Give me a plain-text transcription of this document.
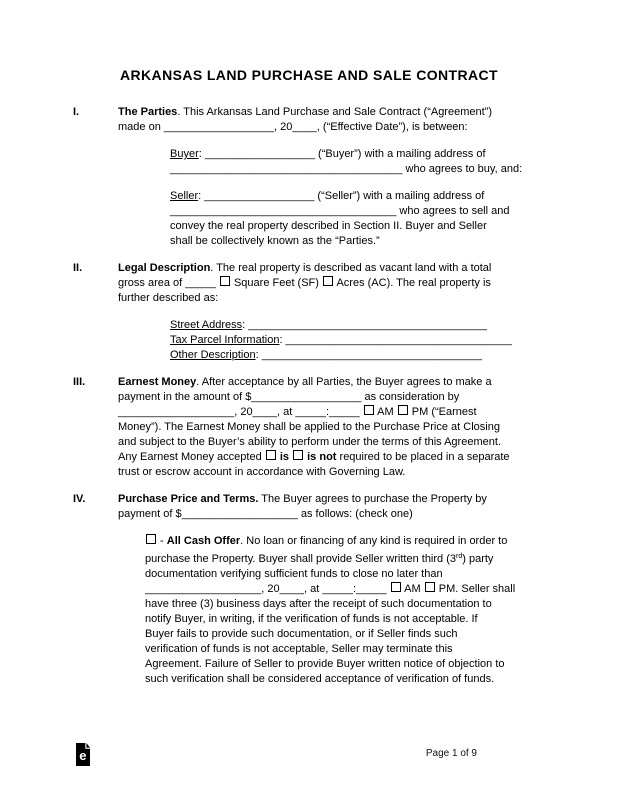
ARKANSAS LAND PURCHASE AND SALE CONTRACT
I.	The Parties. This Arkansas Land Purchase and Sale Contract (“Agreement”)
made on __________________, 20____, (“Effective Date”), is between:
Buyer: __________________ (“Buyer”) with a mailing address of
______________________________________ who agrees to buy, and:
Seller: __________________ (“Seller”) with a mailing address of
_____________________________________ who agrees to sell and
convey the real property described in Section II. Buyer and Seller
shall be collectively known as the “Parties.”
II.	Legal Description. The real property is described as vacant land with a total
gross area of _____  Square Feet (SF)  Acres (AC). The real property is
further described as:
Street Address: _______________________________________
Tax Parcel Information: _____________________________________
Other Description: ____________________________________
III.	Earnest Money. After acceptance by all Parties, the Buyer agrees to make a
payment in the amount of $__________________ as consideration by
___________________, 20____, at _____:_____  AM  PM (“Earnest
Money”). The Earnest Money shall be applied to the Purchase Price at Closing
and subject to the Buyer’s ability to perform under the terms of this Agreement.
Any Earnest Money accepted  is is not required to be placed in a separate
trust or escrow account in accordance with Governing Law.
IV.	Purchase Price and Terms. The Buyer agrees to purchase the Property by
payment of $___________________ as follows: (check one)
- All Cash Offer. No loan or financing of any kind is required in order to
purchase the Property. Buyer shall provide Seller written third (3rd) party
documentation verifying sufficient funds to close no later than
___________________, 20____, at _____:_____  AM  PM. Seller shall
have three (3) business days after the receipt of such documentation to
notify Buyer, in writing, if the verification of funds is not acceptable. If
Buyer fails to provide such documentation, or if Seller finds such
verification of funds is not acceptable, Seller may terminate this
Agreement. Failure of Seller to provide Buyer written notice of objection to
such verification shall be considered acceptance of verification of funds.
e	Page 1 of 9
